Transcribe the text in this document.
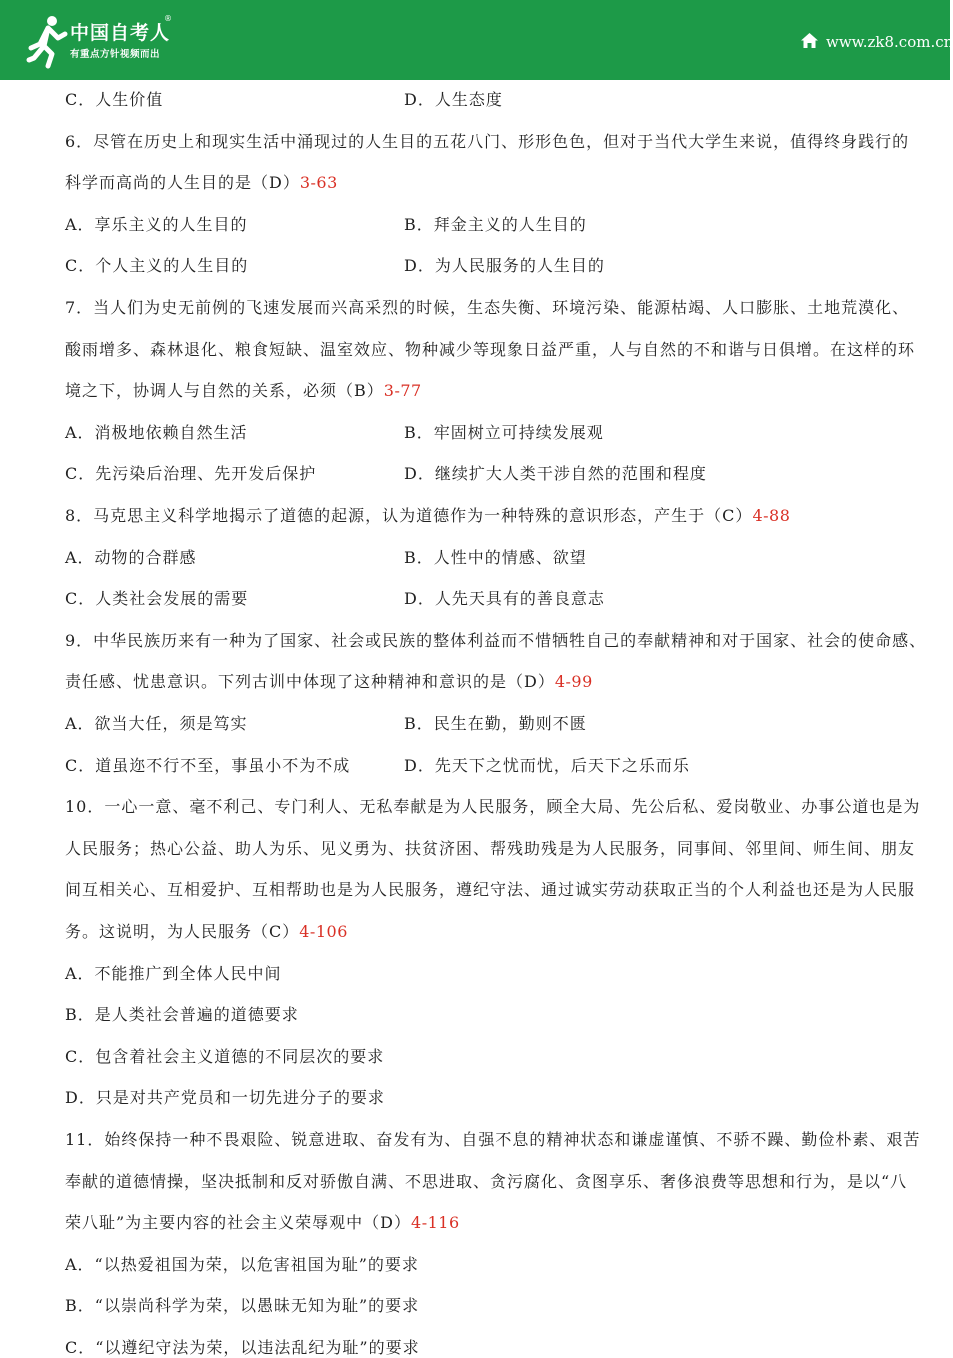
C．人生价值	D．人生态度
6．尽管在历史上和现实生活中涌现过的人生目的五花八门、形形色色，但对于当代大学生来说，值得终身践行的
科学而高尚的人生目的是（D）3-63
A．享乐主义的人生目的	B．拜金主义的人生目的
C．个人主义的人生目的	D．为人民服务的人生目的
7．当人们为史无前例的飞速发展而兴高采烈的时候，生态失衡、环境污染、能源枯竭、人口膨胀、土地荒漠化、
酸雨增多、森林退化、粮食短缺、温室效应、物种减少等现象日益严重，人与自然的不和谐与日俱增。在这样的环
境之下，协调人与自然的关系，必须（B）3-77
A．消极地依赖自然生活	B．牢固树立可持续发展观
C．先污染后治理、先开发后保护	D．继续扩大人类干涉自然的范围和程度
8．马克思主义科学地揭示了道德的起源，认为道德作为一种特殊的意识形态，产生于（C）4-88
A．动物的合群感	B．人性中的情感、欲望
C．人类社会发展的需要	D．人先天具有的善良意志
9．中华民族历来有一种为了国家、社会或民族的整体利益而不惜牺牲自己的奉献精神和对于国家、社会的使命感、
责任感、忧患意识。下列古训中体现了这种精神和意识的是（D）4-99
A．欲当大任，须是笃实	B．民生在勤，勤则不匮
C．道虽迩不行不至，事虽小不为不成	D．先天下之忧而忧，后天下之乐而乐
10．一心一意、毫不利己、专门利人、无私奉献是为人民服务，顾全大局、先公后私、爱岗敬业、办事公道也是为
人民服务；热心公益、助人为乐、见义勇为、扶贫济困、帮残助残是为人民服务，同事间、邻里间、师生间、朋友
间互相关心、互相爱护、互相帮助也是为人民服务，遵纪守法、通过诚实劳动获取正当的个人利益也还是为人民服
务。这说明，为人民服务（C）4-106
A．不能推广到全体人民中间
B．是人类社会普遍的道德要求
C．包含着社会主义道德的不同层次的要求
D．只是对共产党员和一切先进分子的要求
11．始终保持一种不畏艰险、锐意进取、奋发有为、自强不息的精神状态和谦虚谨慎、不骄不躁、勤俭朴素、艰苦
奉献的道德情操，坚决抵制和反对骄傲自满、不思进取、贪污腐化、贪图享乐、奢侈浪费等思想和行为，是以“八
荣八耻”为主要内容的社会主义荣辱观中（D）4-116
A．“以热爱祖国为荣，以危害祖国为耻”的要求
B．“以崇尚科学为荣，以愚昧无知为耻”的要求
C．“以遵纪守法为荣，以违法乱纪为耻”的要求
中国自考人
®
有重点方针视频而出
www.zk8.com.cn
